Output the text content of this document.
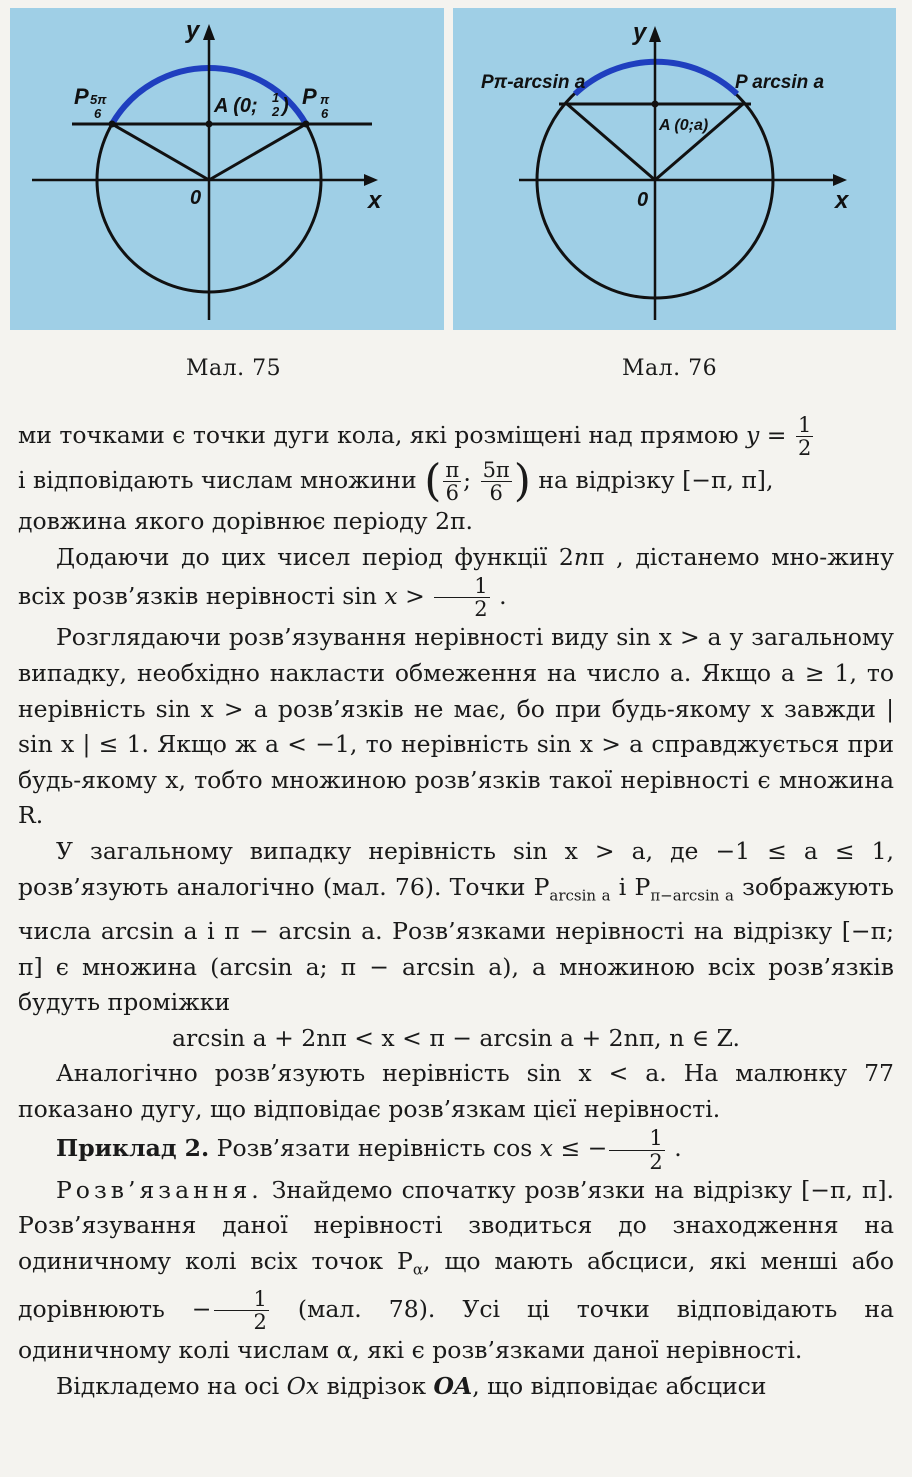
y
x
0
A (0; 1
2 )
P 5π
6
P π
6
y
x
0
A (0;a)
Pπ-arcsin a	P arcsin a
Мал. 75	Мал. 76

ми точками є точки дуги кола, які розміщені над прямою $y = \frac{1}{2}$

і відповідають числам множини ( $\frac{\pi}{6}$ ; $\frac{5\pi}{6}$ ) на відрізку [−π, π],

довжина якого дорівнює періоду 2π.

Додаючи до цих чисел період функції 2nπ , дістанемо мно-жину всіх розв’язків нерівності $\sin x > \frac{1}{2}$ .

Розглядаючи розв’язування нерівності виду sin x > a у загальному випадку, необхідно накласти обмеження на число a. Якщо a ≥ 1, то нерівність sin x > a розв’язків не має, бо при будь-якому x завжди | sin x | ≤ 1. Якщо ж a < −1, то нерівність sin x > a справджується при будь-якому x, тобто множиною розв’язків такої нерівності є множина R.

У загальному випадку нерівність sin x > a, де −1 ≤ a ≤ 1, розв’язують аналогічно (мал. 76). Точки $P_{arcsin a}$ і $P_{\pi-arcsin a}$ зображують числа arcsin a і π − arcsin a. Розв’язками нерівності на відрізку [−π; π] є множина (arcsin a; π − arcsin a), а множиною всіх розв’язків будуть проміжки

arcsin a + 2nπ < x < π − arcsin a + 2nπ, n ∈ Z.

Аналогічно розв’язують нерівність sin x < a. На малюнку 77 показано дугу, що відповідає розв’язкам цієї нерівності.

Приклад 2. Розв’язати нерівність cos x ≤ − $\frac{1}{2}$ .

Розв’язання. Знайдемо спочатку розв’язки на відрізку [−π, π]. Розв’язування даної нерівності зводиться до знаходження на одиничному колі всіх точок $P_\alpha$, що мають абсциси, які менші або дорівнюють − $\frac{1}{2} (мал$. 78). Усі ці точки відповідають на одиничному колі числам α, які є розв’язками даної нерівності.

Відкладемо на осі Ox відрізок OA, що відповідає абсциси
